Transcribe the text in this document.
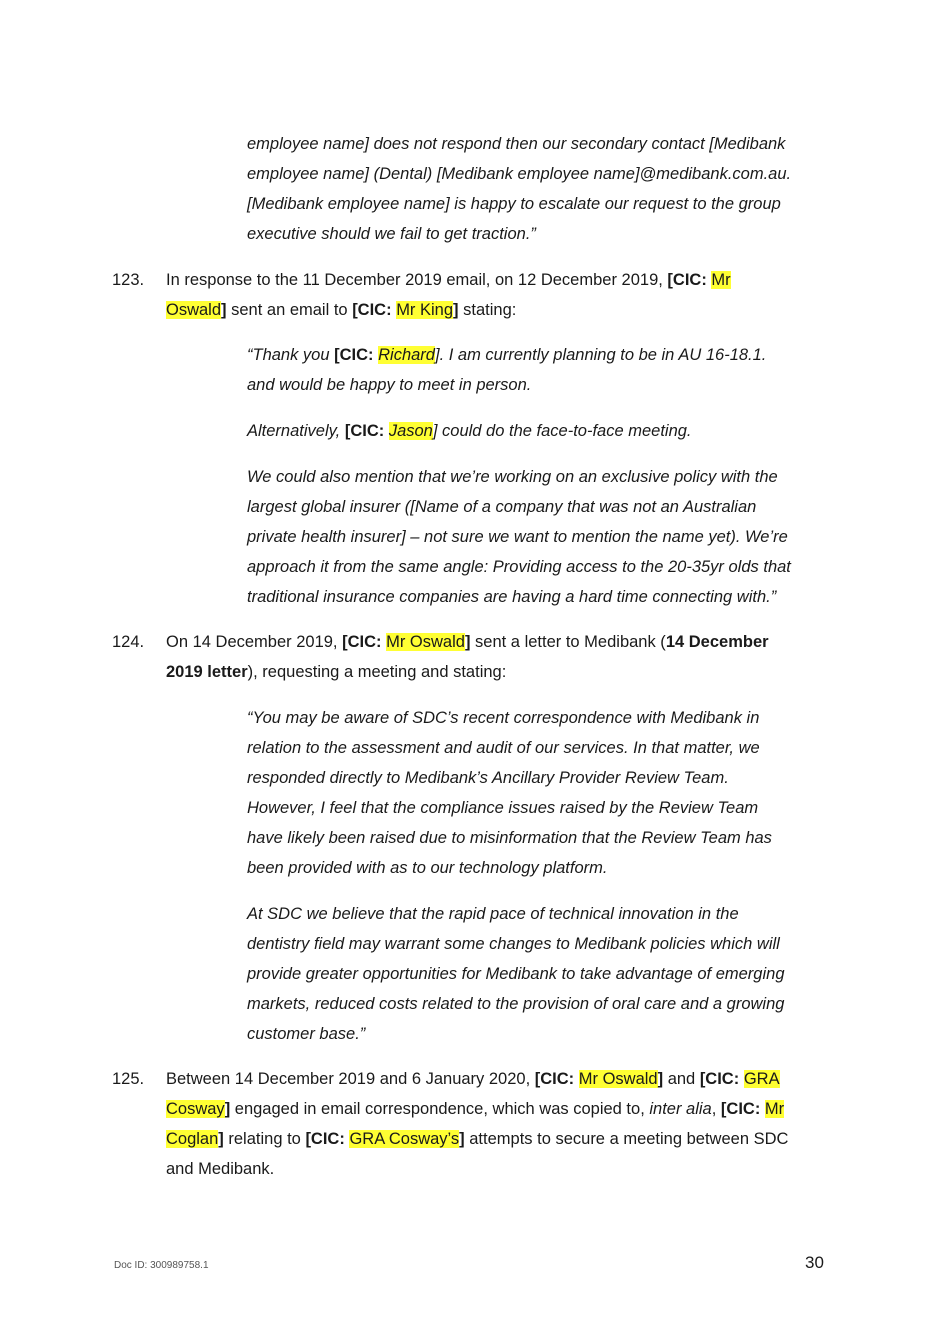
employee name] does not respond then our secondary contact [Medibank
employee name] (Dental) [Medibank employee name]@medibank.com.au.
[Medibank employee name] is happy to escalate our request to the group
executive should we fail to get traction.”
123. In response to the 11 December 2019 email, on 12 December 2019, [CIC: Mr
Oswald] sent an email to [CIC: Mr King] stating:
“Thank you [CIC: Richard]. I am currently planning to be in AU 16-18.1.
and would be happy to meet in person.
Alternatively, [CIC: Jason] could do the face-to-face meeting.
We could also mention that we’re working on an exclusive policy with the
largest global insurer ([Name of a company that was not an Australian
private health insurer] – not sure we want to mention the name yet). We’re
approach it from the same angle: Providing access to the 20-35yr olds that
traditional insurance companies are having a hard time connecting with.”
124. On 14 December 2019, [CIC: Mr Oswald] sent a letter to Medibank (14 December
2019 letter), requesting a meeting and stating:
“You may be aware of SDC’s recent correspondence with Medibank in
relation to the assessment and audit of our services. In that matter, we
responded directly to Medibank’s Ancillary Provider Review Team.
However, I feel that the compliance issues raised by the Review Team
have likely been raised due to misinformation that the Review Team has
been provided with as to our technology platform.
At SDC we believe that the rapid pace of technical innovation in the
dentistry field may warrant some changes to Medibank policies which will
provide greater opportunities for Medibank to take advantage of emerging
markets, reduced costs related to the provision of oral care and a growing
customer base.”
125. Between 14 December 2019 and 6 January 2020, [CIC: Mr Oswald] and [CIC: GRA
Cosway] engaged in email correspondence, which was copied to, inter alia, [CIC: Mr
Coglan] relating to [CIC: GRA Cosway’s] attempts to secure a meeting between SDC
and Medibank.
Doc ID: 300989758.1	30
